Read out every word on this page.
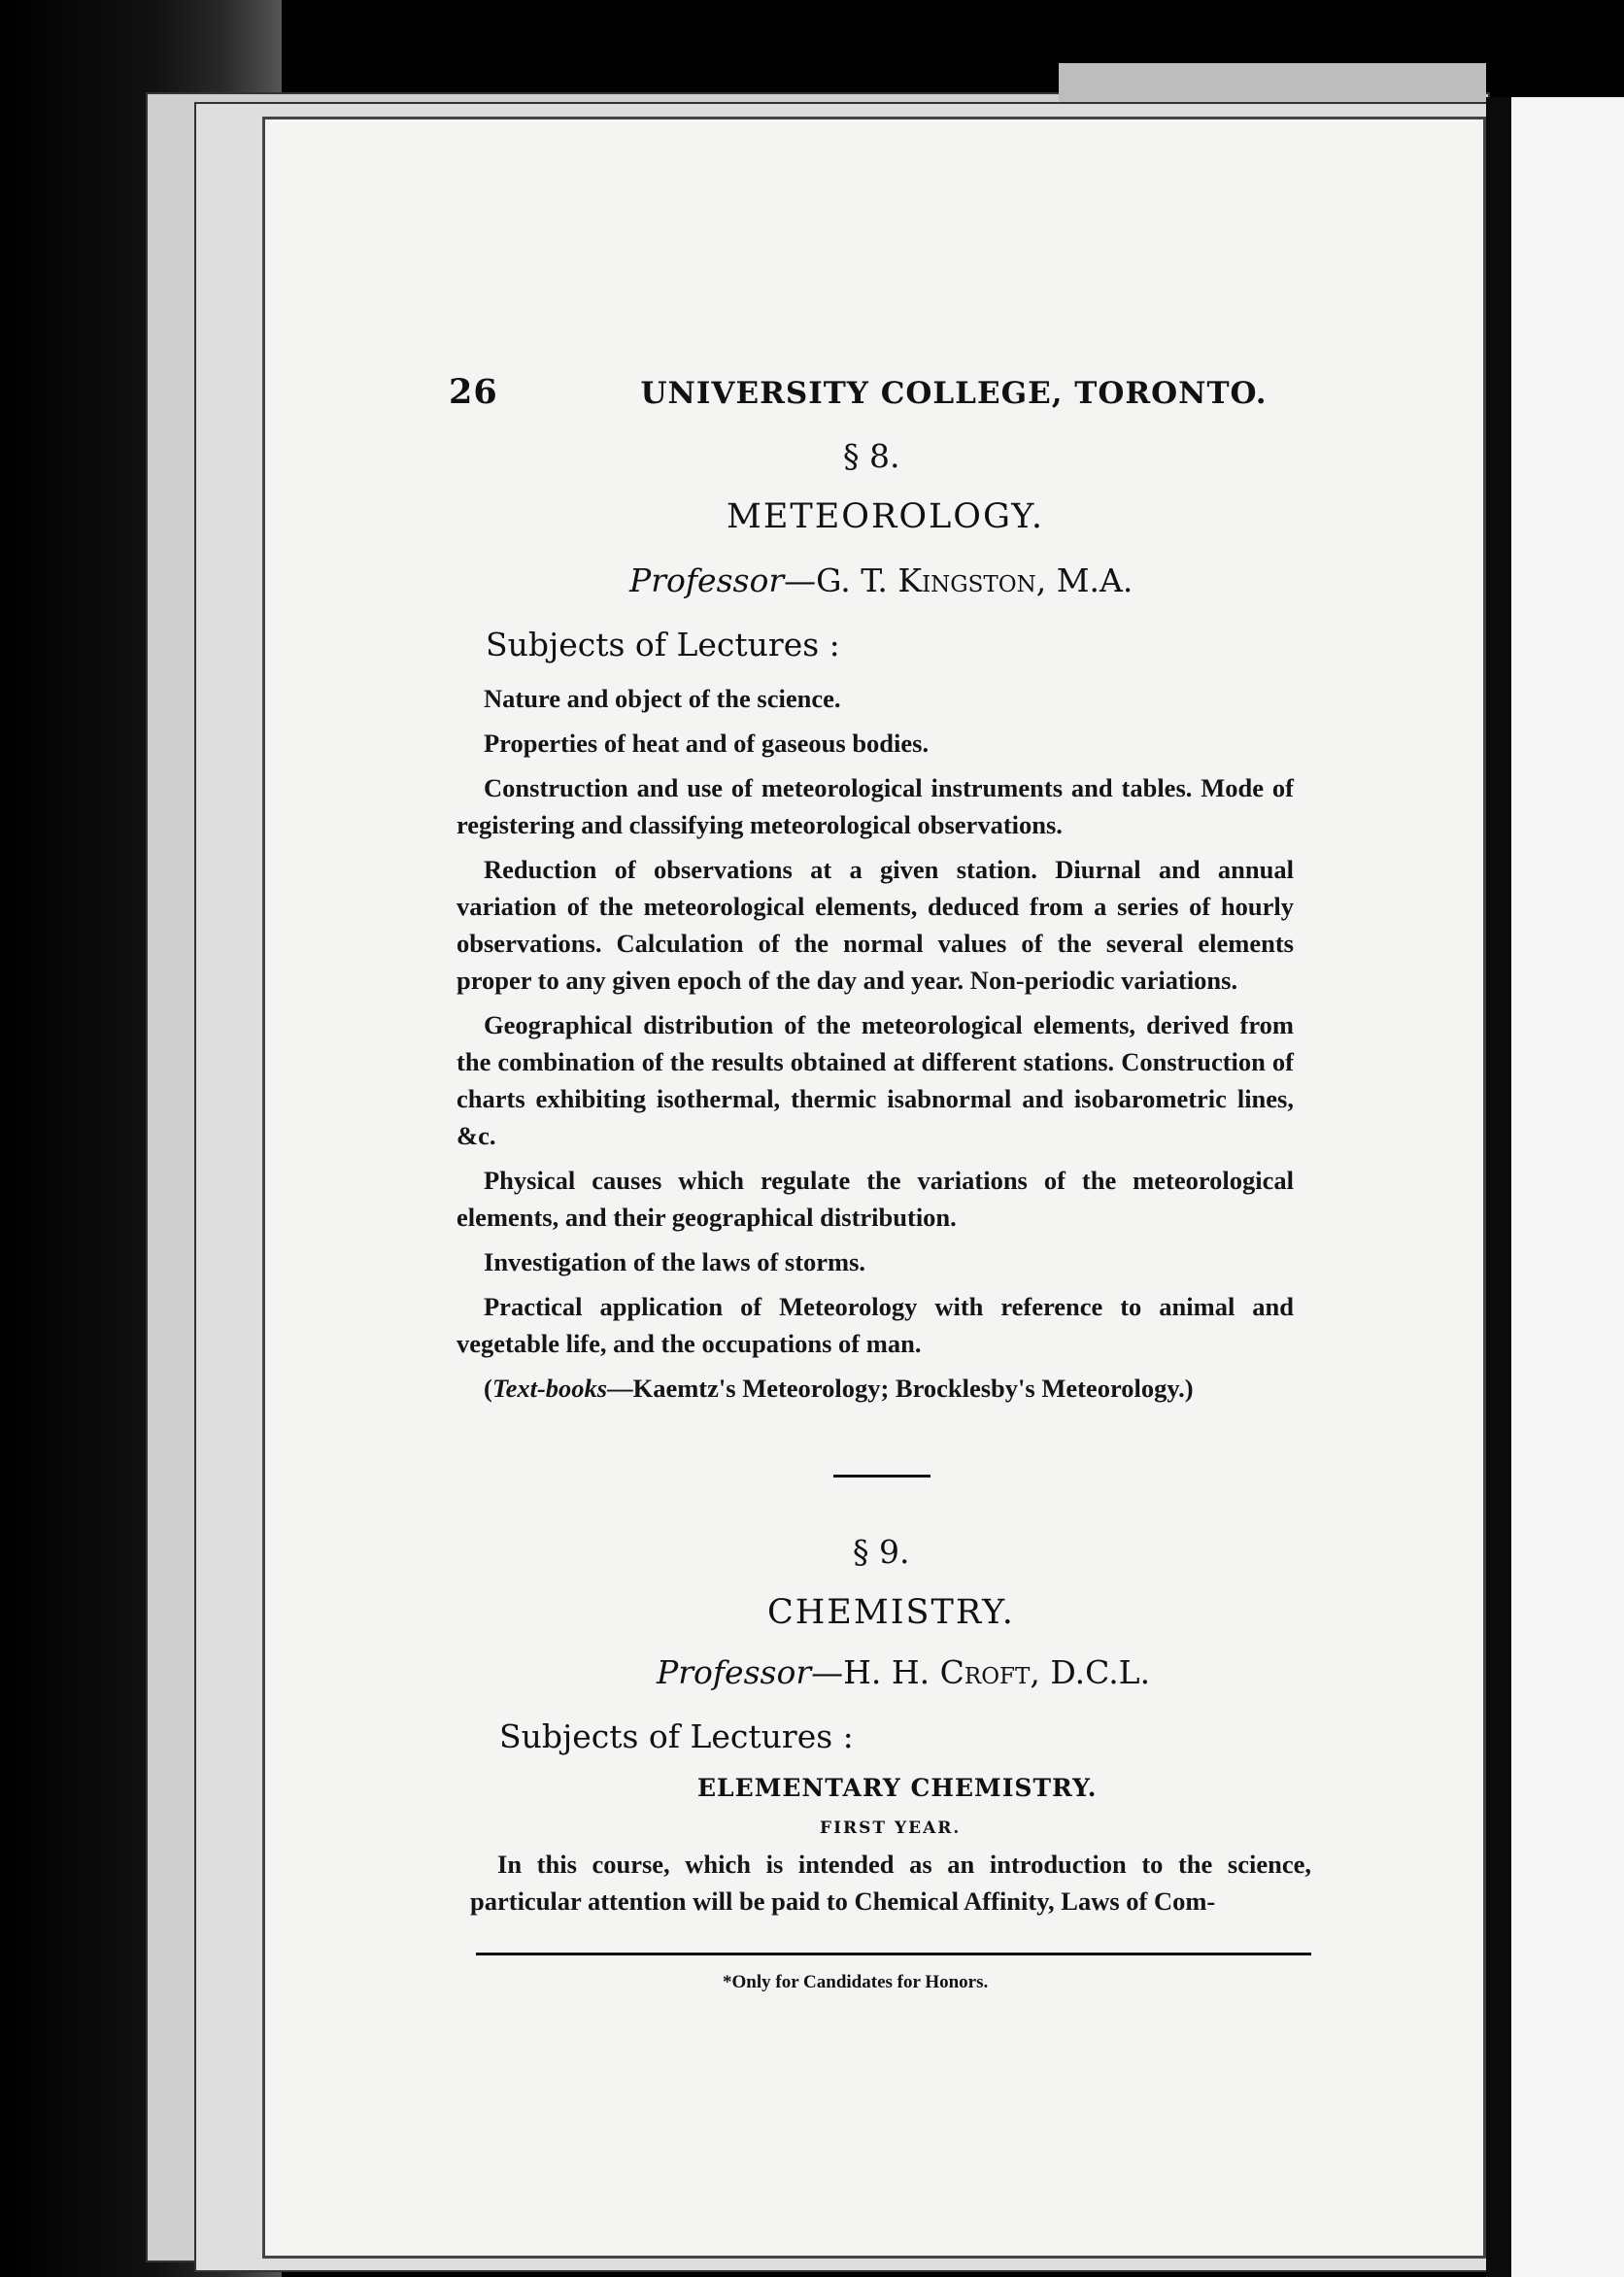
26	UNIVERSITY COLLEGE, TORONTO.
§ 8.
METEOROLOGY.
Professor—G. T. Kingston, M.A.
Subjects of Lectures :

Nature and object of the science.

Properties of heat and of gaseous bodies.

Construction and use of meteorological instruments and tables. Mode of registering and classifying meteorological observations.

Reduction of observations at a given station. Diurnal and annual variation of the meteorological elements, deduced from a series of hourly observations. Calculation of the normal values of the several elements proper to any given epoch of the day and year. Non-periodic variations.

Geographical distribution of the meteorological elements, derived from the combination of the results obtained at different stations. Construction of charts exhibiting isothermal, thermic isabnormal and isobarometric lines, &c.

Physical causes which regulate the variations of the meteorological elements, and their geographical distribution.

Investigation of the laws of storms.

Practical application of Meteorology with reference to animal and vegetable life, and the occupations of man.

(Text-books—Kaemtz's Meteorology; Brocklesby's Meteorology.)

§ 9.
CHEMISTRY.
Professor—H. H. Croft, D.C.L.
Subjects of Lectures :
ELEMENTARY CHEMISTRY.
FIRST YEAR.

In this course, which is intended as an introduction to the science, particular attention will be paid to Chemical Affinity, Laws of Com-

*Only for Candidates for Honors.
